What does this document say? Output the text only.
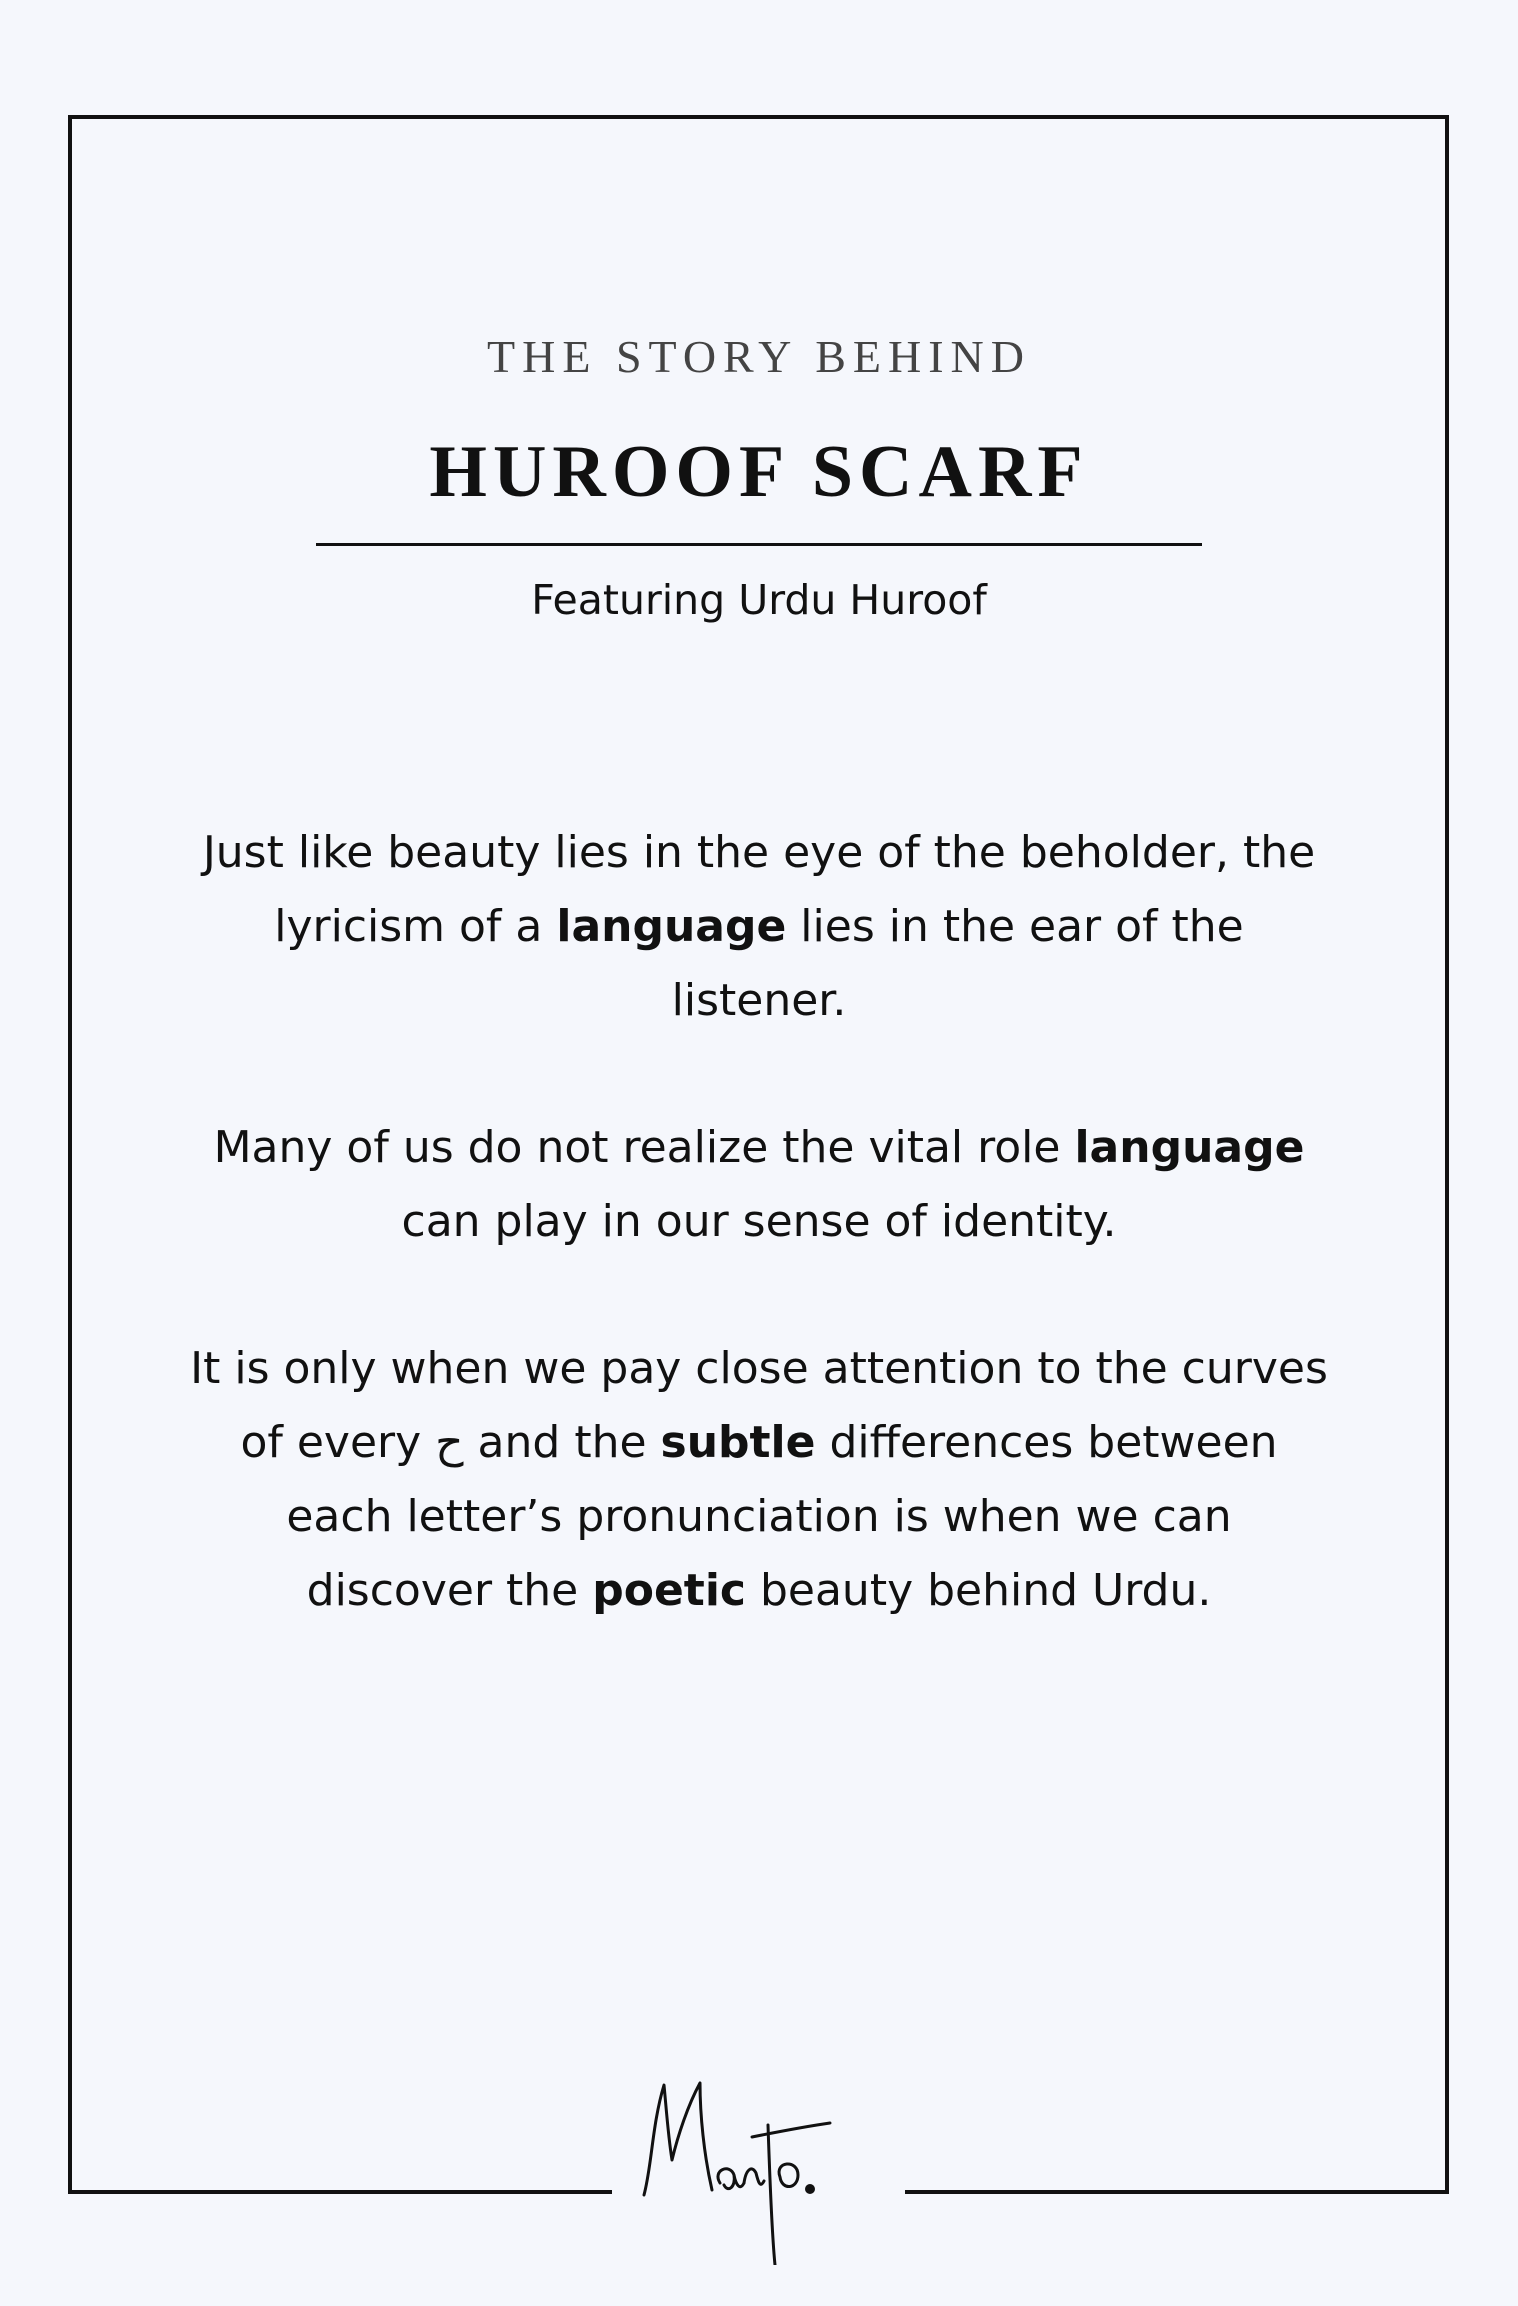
THE STORY BEHIND
HUROOF SCARF
Featuring Urdu Huroof
Just like beauty lies in the eye of the beholder, the lyricism of a language lies in the ear of the listener.
Many of us do not realize the vital role language can play in our sense of identity.
It is only when we pay close attention to the curves of every ح and the subtle differences between each letter’s pronunciation is when we can discover the poetic beauty behind Urdu.
